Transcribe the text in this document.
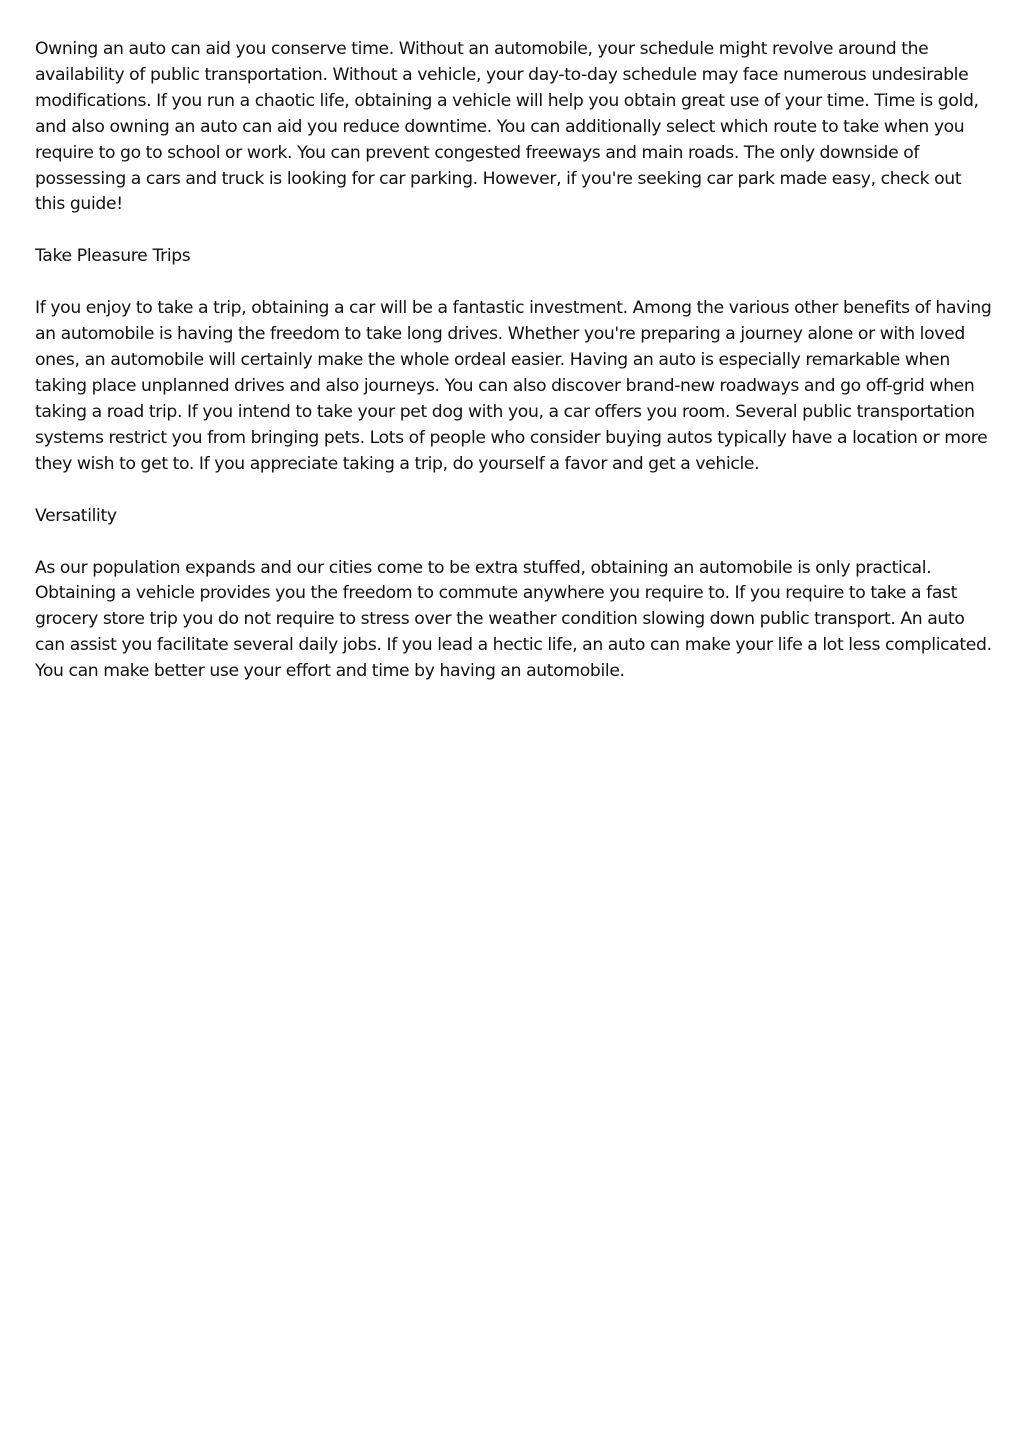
Owning an auto can aid you conserve time. Without an automobile, your schedule might revolve around the availability of public transportation. Without a vehicle, your day-to-day schedule may face numerous undesirable modifications. If you run a chaotic life, obtaining a vehicle will help you obtain great use of your time. Time is gold, and also owning an auto can aid you reduce downtime. You can additionally select which route to take when you require to go to school or work. You can prevent congested freeways and main roads. The only downside of possessing a cars and truck is looking for car parking. However, if you're seeking car park made easy, check out this guide!

Take Pleasure Trips

If you enjoy to take a trip, obtaining a car will be a fantastic investment. Among the various other benefits of having an automobile is having the freedom to take long drives. Whether you're preparing a journey alone or with loved ones, an automobile will certainly make the whole ordeal easier. Having an auto is especially remarkable when taking place unplanned drives and also journeys. You can also discover brand-new roadways and go off-grid when taking a road trip. If you intend to take your pet dog with you, a car offers you room. Several public transportation systems restrict you from bringing pets. Lots of people who consider buying autos typically have a location or more they wish to get to. If you appreciate taking a trip, do yourself a favor and get a vehicle.

Versatility

As our population expands and our cities come to be extra stuffed, obtaining an automobile is only practical. Obtaining a vehicle provides you the freedom to commute anywhere you require to. If you require to take a fast grocery store trip you do not require to stress over the weather condition slowing down public transport. An auto can assist you facilitate several daily jobs. If you lead a hectic life, an auto can make your life a lot less complicated. You can make better use your effort and time by having an automobile.
